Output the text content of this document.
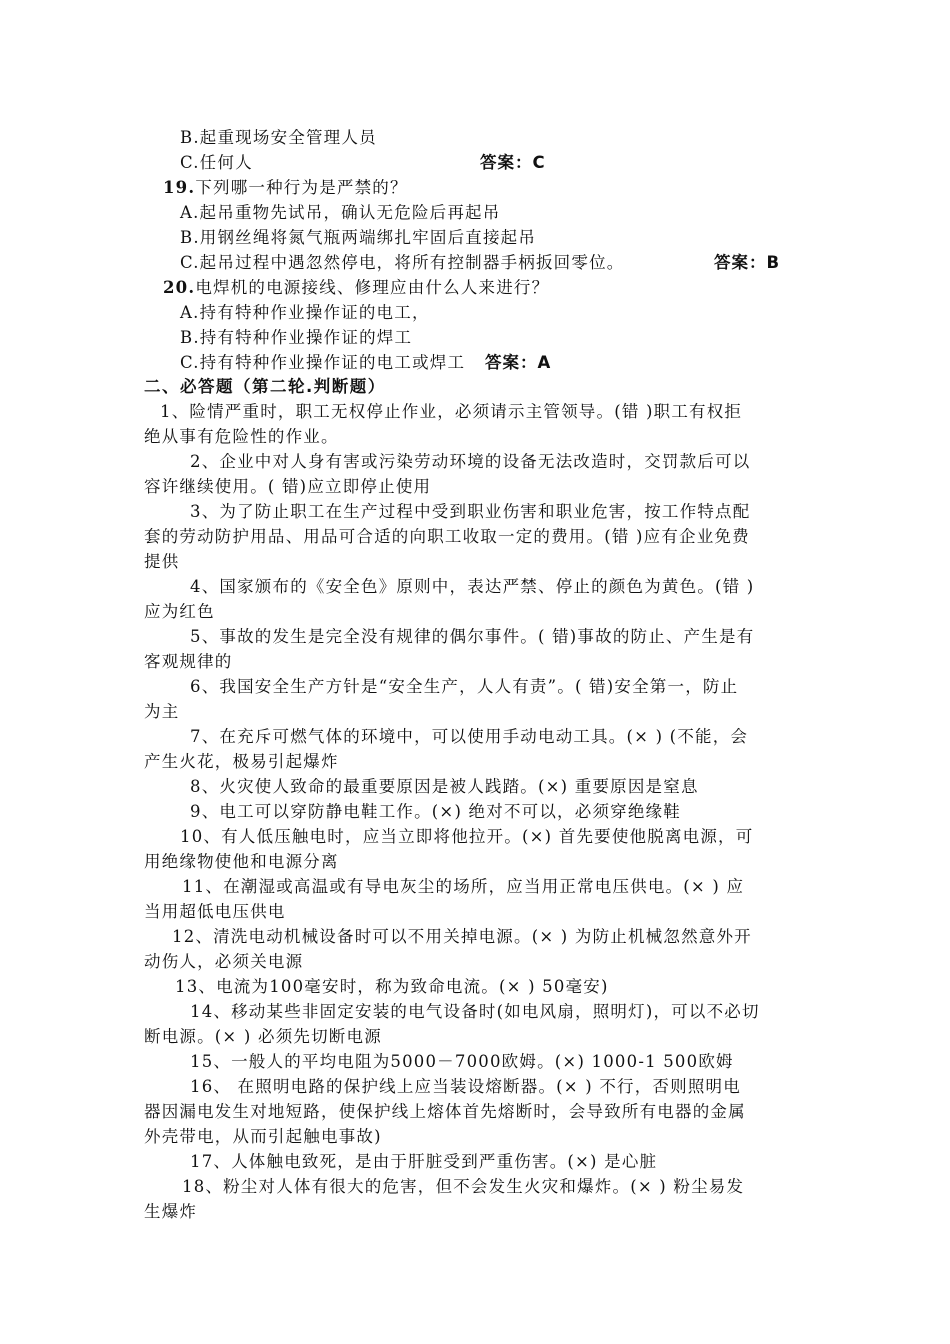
B.起重现场安全管理人员
C.任何人	答案：C
19.下列哪一种行为是严禁的？
A.起吊重物先试吊，确认无危险后再起吊
B.用钢丝绳将氮气瓶两端绑扎牢固后直接起吊
C.起吊过程中遇忽然停电，将所有控制器手柄扳回零位。	答案：B
20.电焊机的电源接线、修理应由什么人来进行？
A.持有特种作业操作证的电工，
B.持有特种作业操作证的焊工
C.持有特种作业操作证的电工或焊工 答案：A
二、必答题（第二轮.判断题）
1、险情严重时，职工无权停止作业，必须请示主管领导。(错 )职工有权拒
绝从事有危险性的作业。
2、企业中对人身有害或污染劳动环境的设备无法改造时，交罚款后可以
容许继续使用。( 错)应立即停止使用
3、为了防止职工在生产过程中受到职业伤害和职业危害，按工作特点配
套的劳动防护用品、用品可合适的向职工收取一定的费用。(错 )应有企业免费
提供
4、国家颁布的《安全色》原则中，表达严禁、停止的颜色为黄色。(错 )
应为红色
5、事故的发生是完全没有规律的偶尔事件。( 错)事故的防止、产生是有
客观规律的
6、我国安全生产方针是“安全生产，人人有责”。( 错)安全第一，防止
为主
7、在充斥可燃气体的环境中，可以使用手动电动工具。(× ) (不能，会
产生火花，极易引起爆炸
8、火灾使人致命的最重要原因是被人践踏。(×) 重要原因是窒息
9、电工可以穿防静电鞋工作。(×) 绝对不可以，必须穿绝缘鞋
10、有人低压触电时，应当立即将他拉开。(×) 首先要使他脱离电源，可
用绝缘物使他和电源分离
11、在潮湿或高温或有导电灰尘的场所，应当用正常电压供电。(× ) 应
当用超低电压供电
12、清洗电动机械设备时可以不用关掉电源。(× ) 为防止机械忽然意外开
动伤人，必须关电源
13、电流为100毫安时，称为致命电流。(× ) 50毫安)
14、移动某些非固定安装的电气设备时(如电风扇，照明灯)，可以不必切
断电源。(× ) 必须先切断电源
15、一般人的平均电阻为5000－7000欧姆。(×) 1000-1 500欧姆
16、 在照明电路的保护线上应当装设熔断器。(× ) 不行，否则照明电
器因漏电发生对地短路，使保护线上熔体首先熔断时，会导致所有电器的金属
外壳带电，从而引起触电事故)
17、人体触电致死，是由于肝脏受到严重伤害。(×) 是心脏
18、粉尘对人体有很大的危害，但不会发生火灾和爆炸。(× ) 粉尘易发
生爆炸
